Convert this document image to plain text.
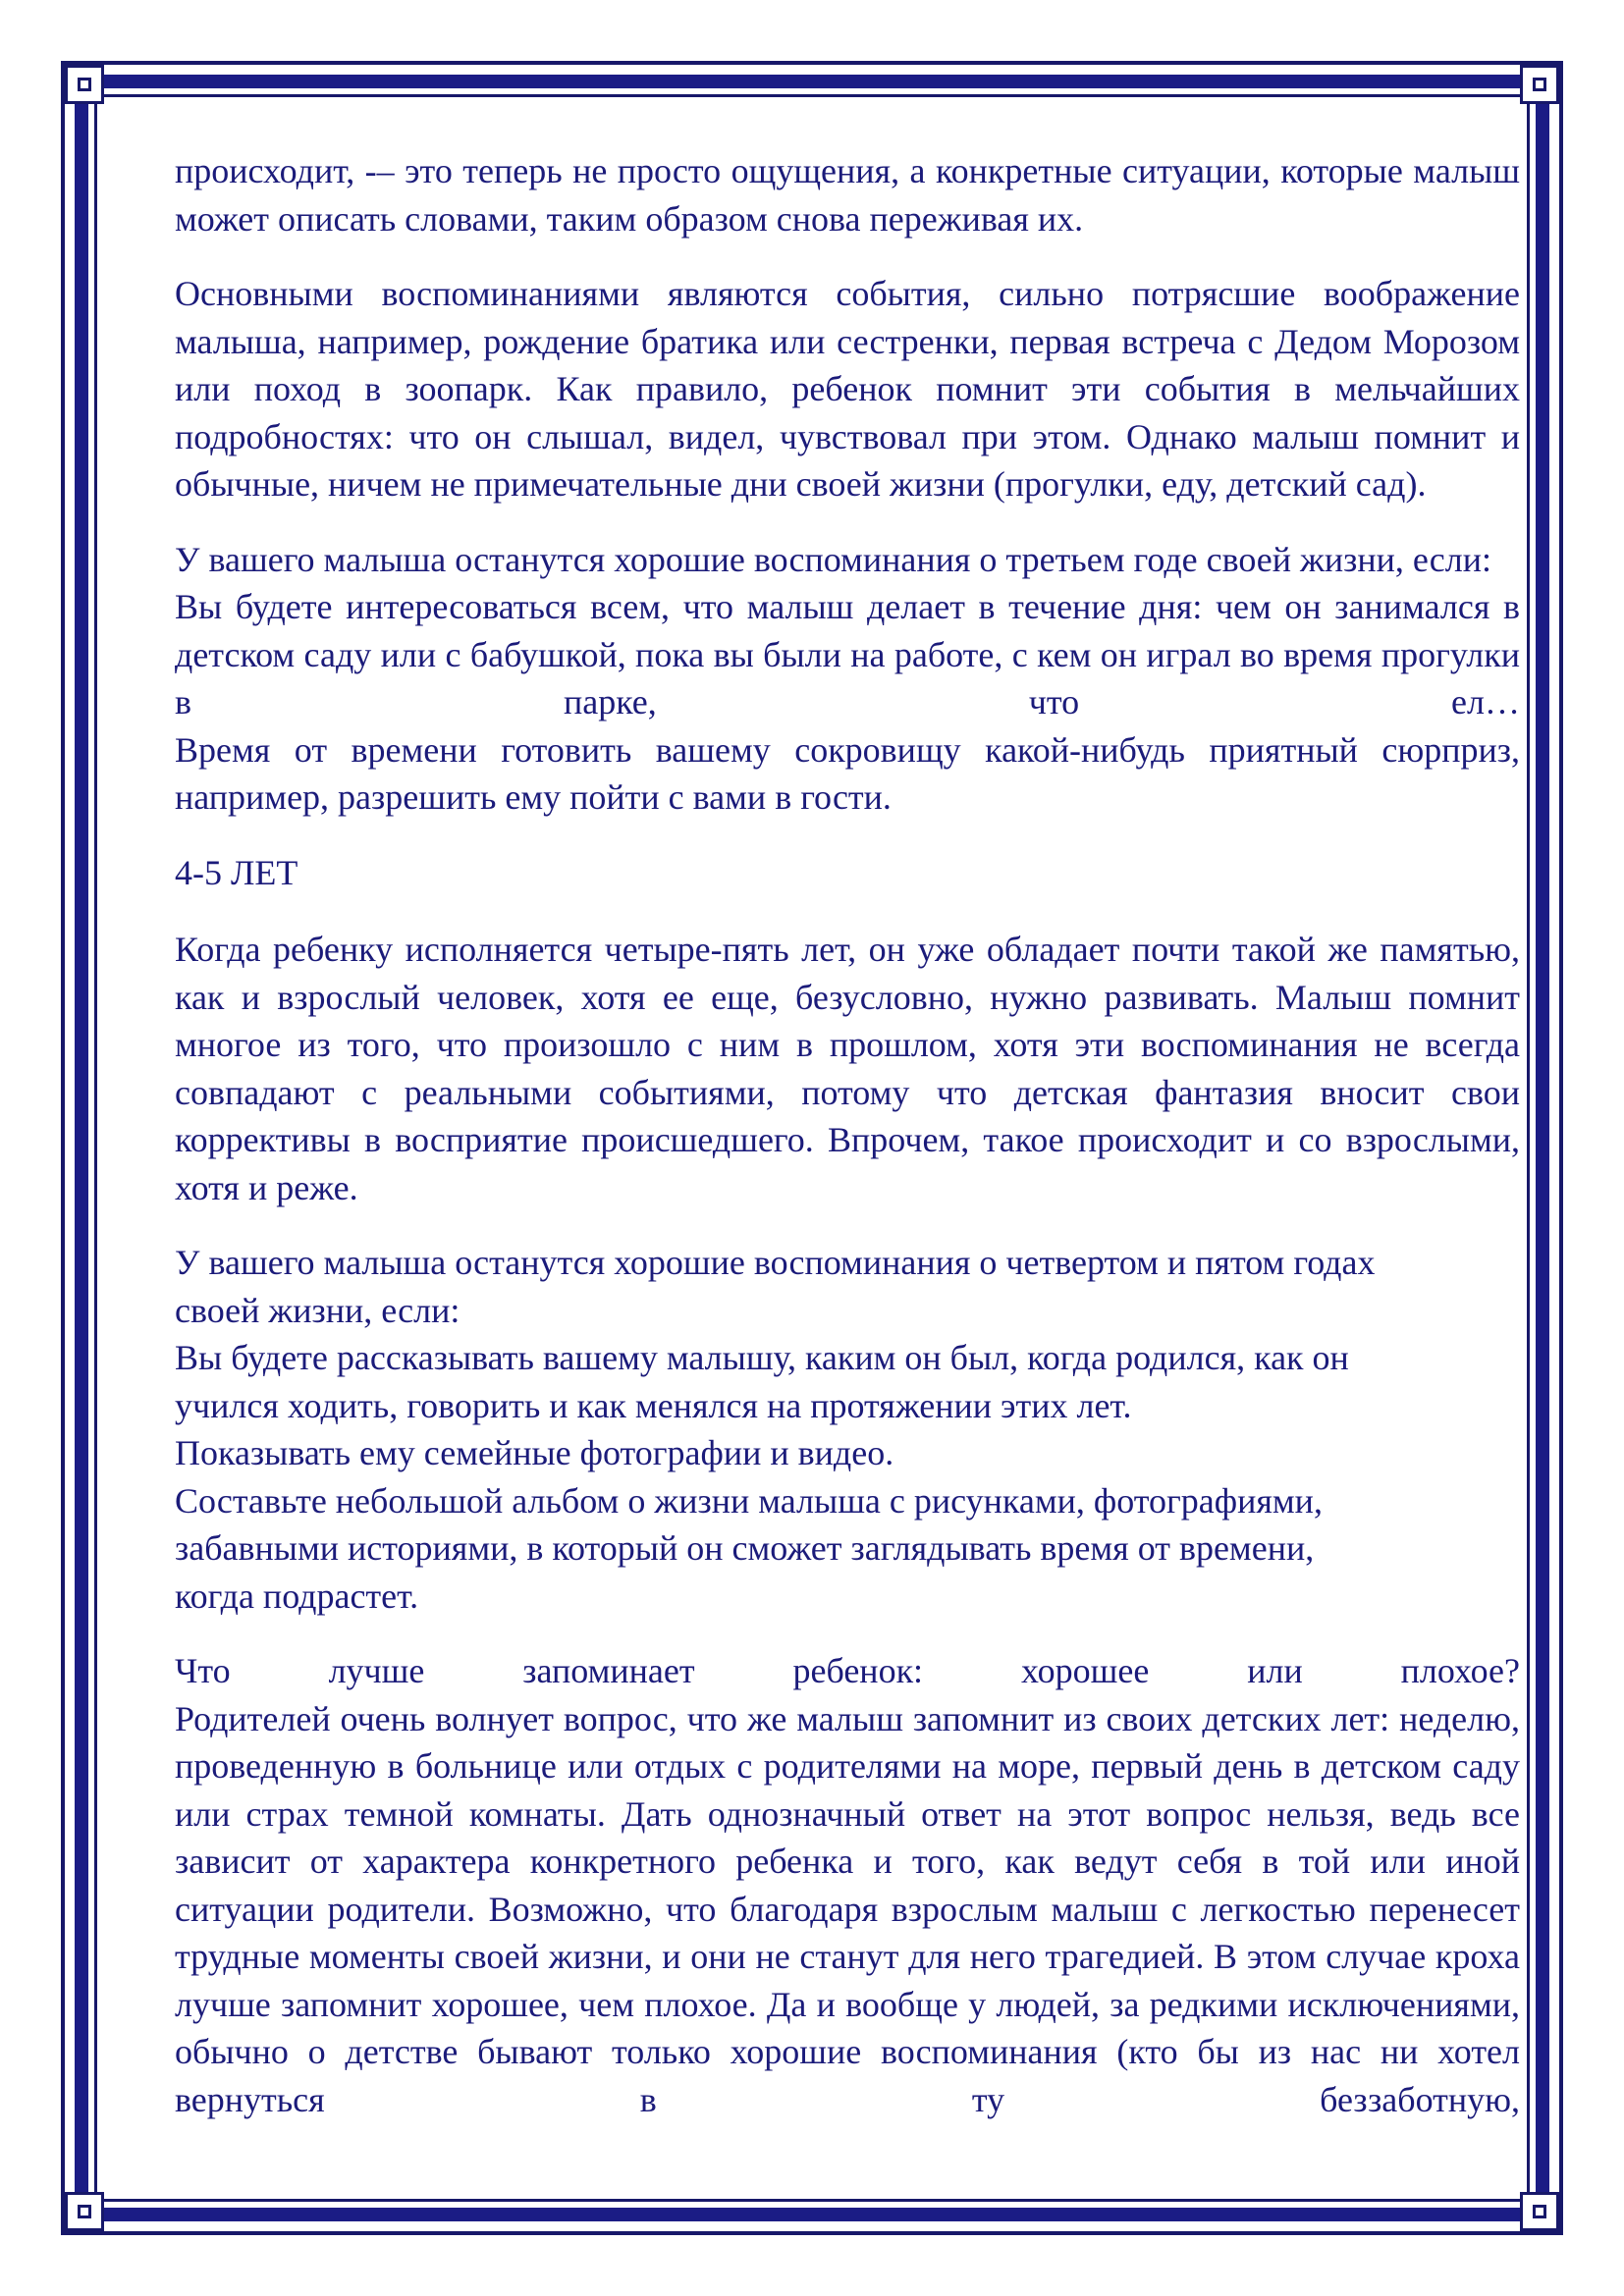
происходит, -– это теперь не просто ощущения, а конкретные ситуации, которые малыш может описать словами, таким образом снова переживая их.

Основными воспоминаниями являются события, сильно потрясшие воображение малыша, например, рождение братика или сестренки, первая встреча с Дедом Морозом или поход в зоопарк. Как правило, ребенок помнит эти события в мельчайших подробностях: что он слышал, видел, чувствовал при этом. Однако малыш помнит и обычные, ничем не примечательные дни своей жизни (прогулки, еду, детский сад).

У вашего малыша останутся хорошие воспоминания о третьем годе своей жизни, если:
Вы будете интересоваться всем, что малыш делает в течение дня: чем он занимался в детском саду или с бабушкой, пока вы были на работе, с кем он играл во время прогулки в парке, что ел…
Время от времени готовить вашему сокровищу какой-нибудь приятный сюрприз, например, разрешить ему пойти с вами в гости.

4-5 ЛЕТ

Когда ребенку исполняется четыре-пять лет, он уже обладает почти такой же памятью, как и взрослый человек, хотя ее еще, безусловно, нужно развивать. Малыш помнит многое из того, что произошло с ним в прошлом, хотя эти воспоминания не всегда совпадают с реальными событиями, потому что детская фантазия вносит свои коррективы в восприятие происшедшего. Впрочем, такое происходит и со взрослыми, хотя и реже.

У вашего малыша останутся хорошие воспоминания о четвертом и пятом годах
своей жизни, если:
Вы будете рассказывать вашему малышу, каким он был, когда родился, как он
учился ходить, говорить и как менялся на протяжении этих лет.
Показывать ему семейные фотографии и видео.
Составьте небольшой альбом о жизни малыша с рисунками, фотографиями,
забавными историями, в который он сможет заглядывать время от времени,
когда подрастет.

Что лучше запоминает ребенок: хорошее или плохое?
Родителей очень волнует вопрос, что же малыш запомнит из своих детских лет: неделю, проведенную в больнице или отдых с родителями на море, первый день в детском саду или страх темной комнаты. Дать однозначный ответ на этот вопрос нельзя, ведь все зависит от характера конкретного ребенка и того, как ведут себя в той или иной ситуации родители. Возможно, что благодаря взрослым малыш с легкостью перенесет трудные моменты своей жизни, и они не станут для него трагедией. В этом случае кроха лучше запомнит хорошее, чем плохое. Да и вообще у людей, за редкими исключениями, обычно о детстве бывают только хорошие воспоминания (кто бы из нас ни хотел вернуться в ту беззаботную,
